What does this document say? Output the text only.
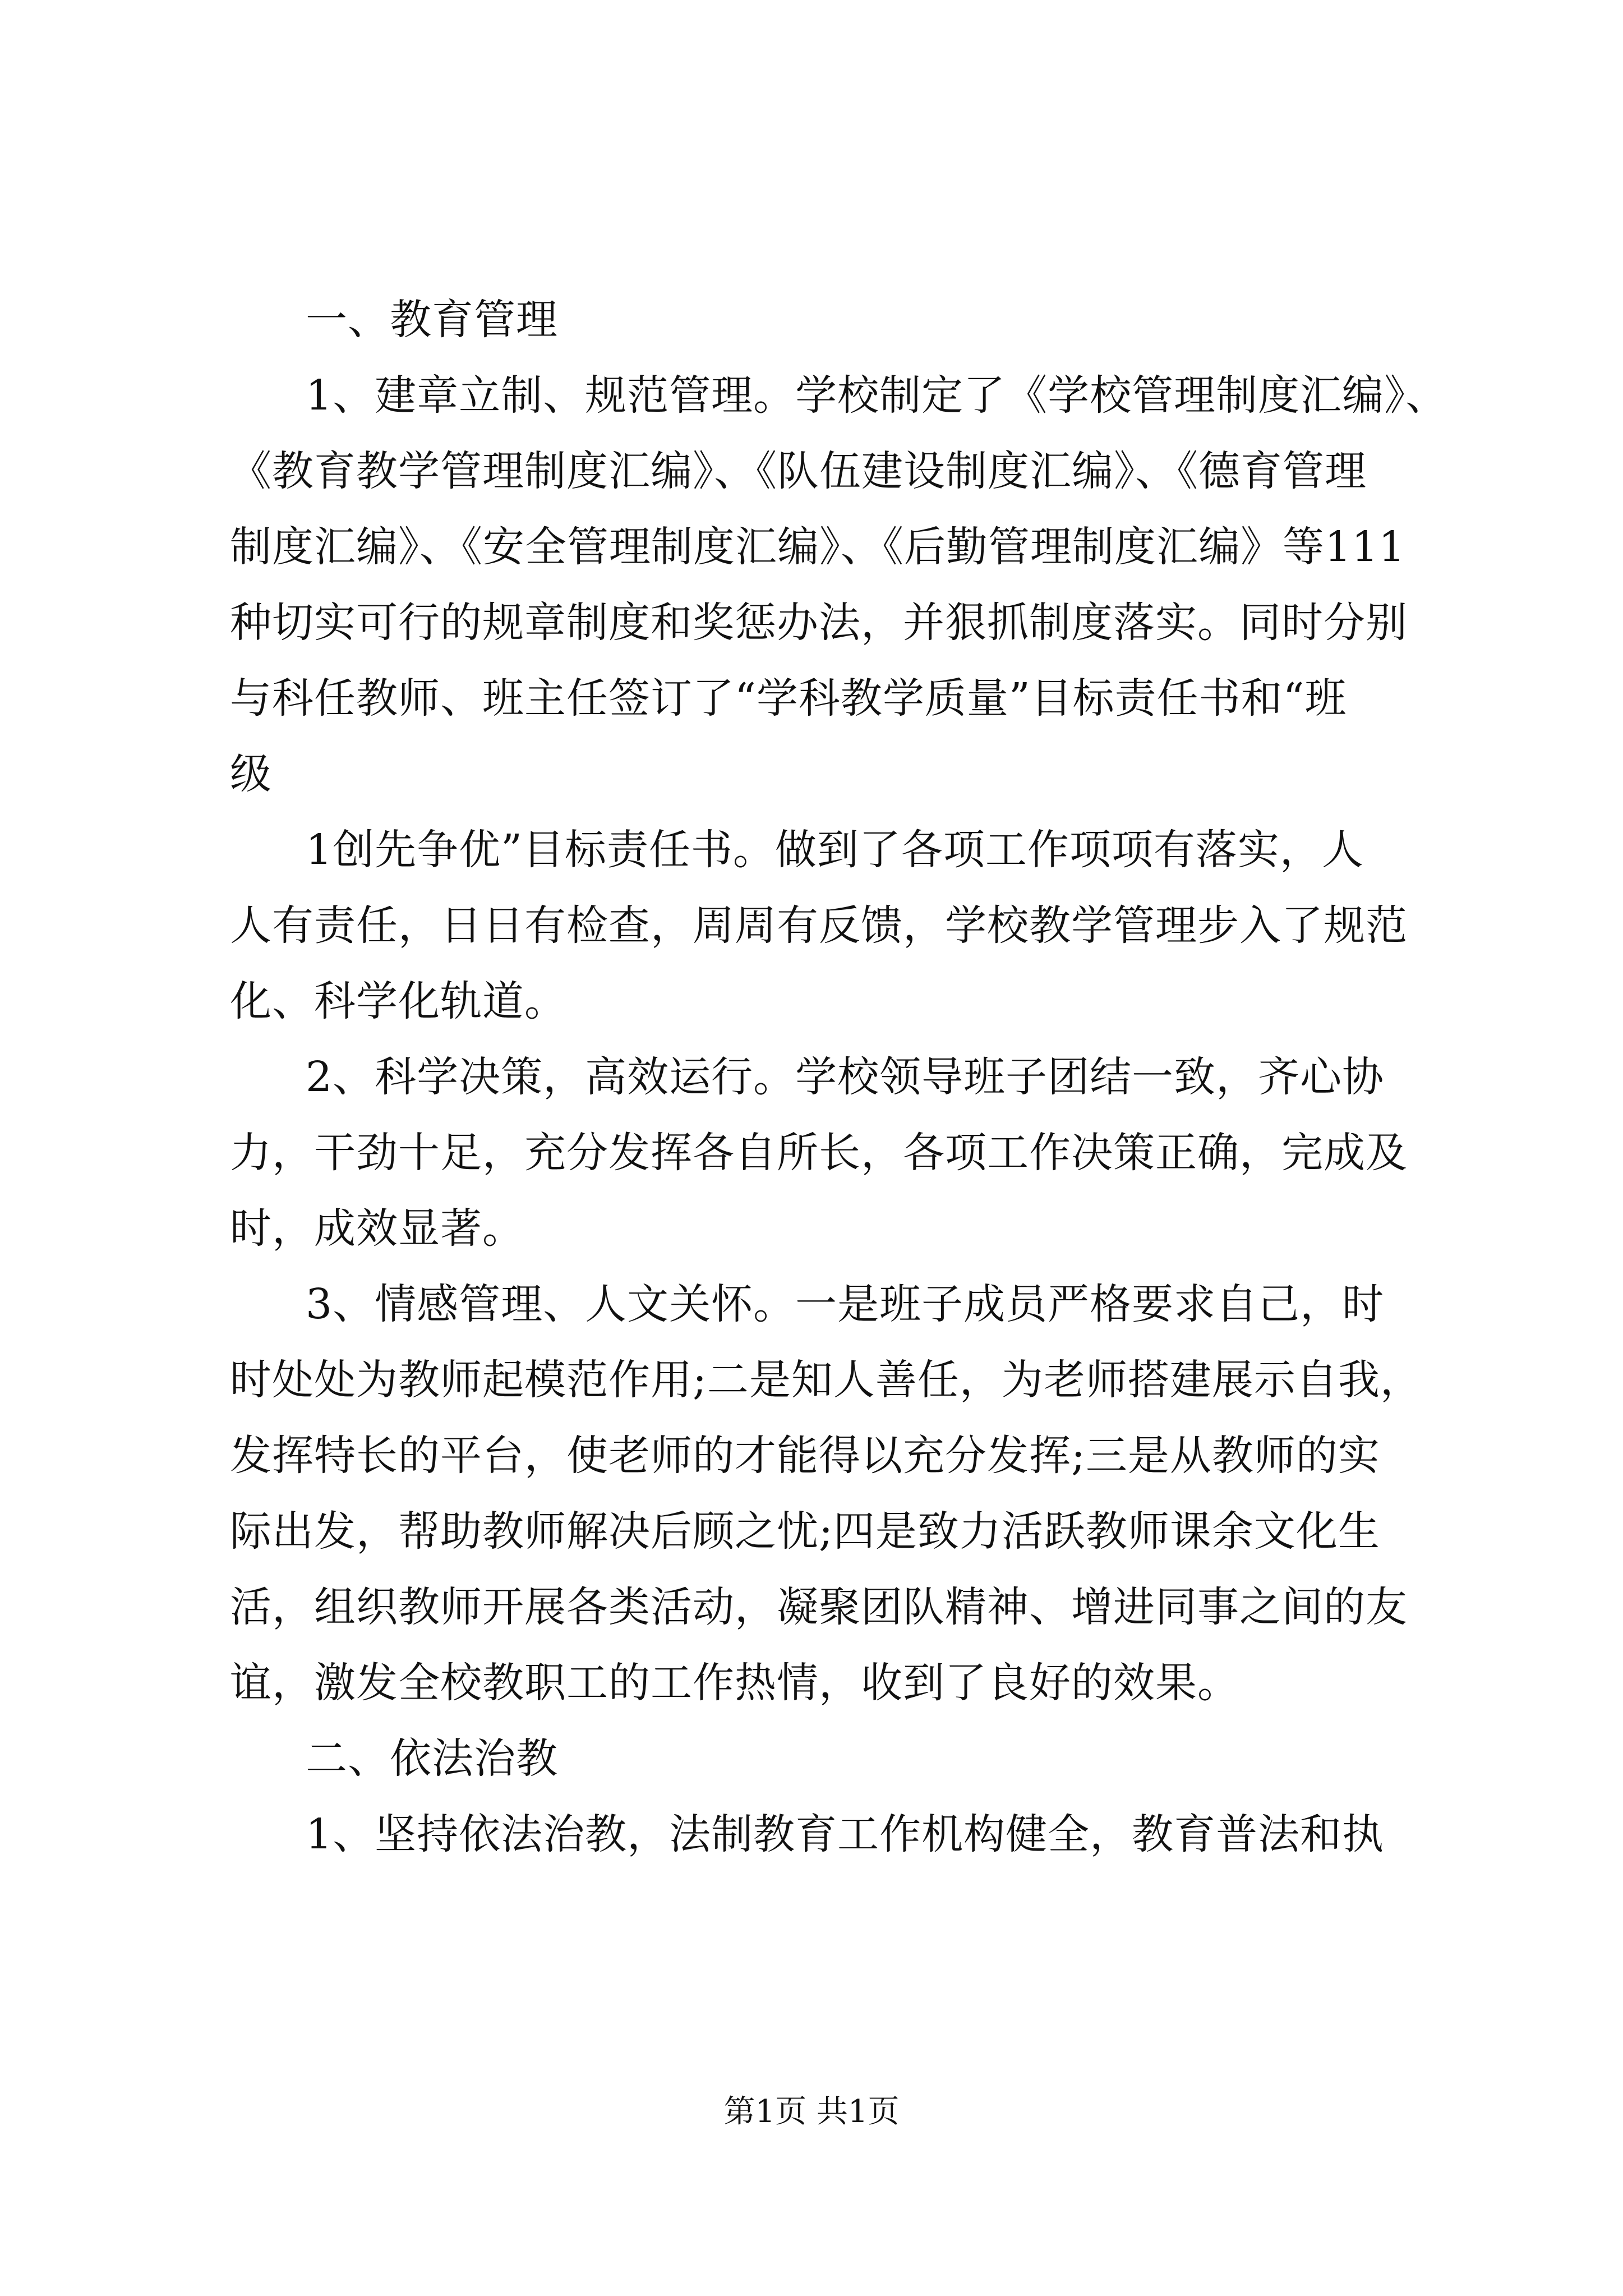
一、教育管理
1、建章立制、规范管理。学校制定了《学校管理制度汇编》、
《教育教学管理制度汇编》、《队伍建设制度汇编》、《德育管理
制度汇编》、《安全管理制度汇编》、《后勤管理制度汇编》等111
种切实可行的规章制度和奖惩办法，并狠抓制度落实。同时分别
与科任教师、班主任签订了“学科教学质量”目标责任书和“班
级
1创先争优”目标责任书。做到了各项工作项项有落实，人
人有责任，日日有检查，周周有反馈，学校教学管理步入了规范
化、科学化轨道。
2、科学决策，高效运行。学校领导班子团结一致，齐心协
力，干劲十足，充分发挥各自所长，各项工作决策正确，完成及
时，成效显著。
3、情感管理、人文关怀。一是班子成员严格要求自己，时
时处处为教师起模范作用;二是知人善任，为老师搭建展示自我，
发挥特长的平台，使老师的才能得以充分发挥;三是从教师的实
际出发，帮助教师解决后顾之忧;四是致力活跃教师课余文化生
活，组织教师开展各类活动，凝聚团队精神、增进同事之间的友
谊，激发全校教职工的工作热情，收到了良好的效果。
二、依法治教
1、坚持依法治教，法制教育工作机构健全，教育普法和执
第1页 共1页
